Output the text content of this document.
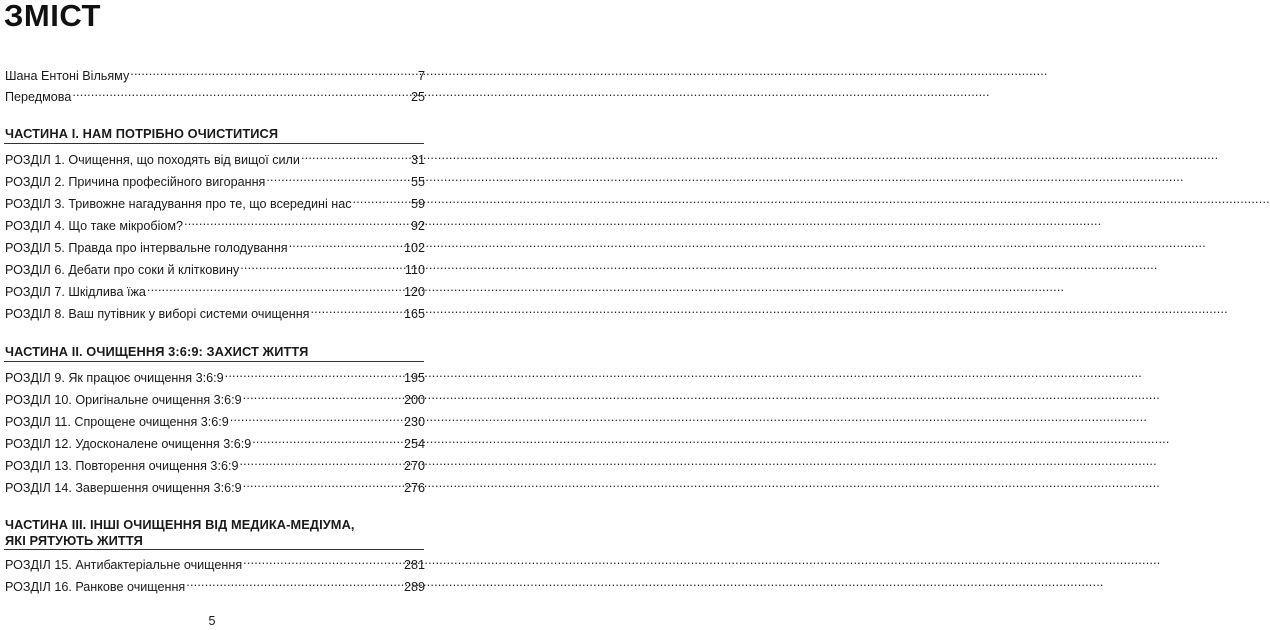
ЗМІСТ
Шана Ентоні Вільяму .....	7
Передмова .....	25
ЧАСТИНА І. НАМ ПОТРІБНО ОЧИСТИТИСЯ
РОЗДІЛ 1. Очищення, що походять від вищої сили .....	31
РОЗДІЛ 2. Причина професійного вигорання .....	55
РОЗДІЛ 3. Тривожне нагадування про те, що всередині нас .....	59
РОЗДІЛ 4. Що таке мікробіом? .....	92
РОЗДІЛ 5. Правда про інтервальне голодування .....	102
РОЗДІЛ 6. Дебати про соки й клітковину .....	110
РОЗДІЛ 7. Шкідлива їжа .....	120
РОЗДІЛ 8. Ваш путівник у виборі системи очищення .....	165
ЧАСТИНА ІІ. ОЧИЩЕННЯ 3:6:9: ЗАХИСТ ЖИТТЯ
РОЗДІЛ 9. Як працює очищення 3:6:9 .....	195
РОЗДІЛ 10. Оригінальне очищення 3:6:9 .....	200
РОЗДІЛ 11. Спрощене очищення 3:6:9 .....	230
РОЗДІЛ 12. Удосконалене очищення 3:6:9 .....	254
РОЗДІЛ 13. Повторення очищення 3:6:9 .....	270
РОЗДІЛ 14. Завершення очищення 3:6:9 .....	276
ЧАСТИНА ІІІ. ІНШІ ОЧИЩЕННЯ ВІД МЕДИКА-МЕДІУМА,
ЯКІ РЯТУЮТЬ ЖИТТЯ
РОЗДІЛ 15. Антибактеріальне очищення .....	281
РОЗДІЛ 16. Ранкове очищення .....	289
5
